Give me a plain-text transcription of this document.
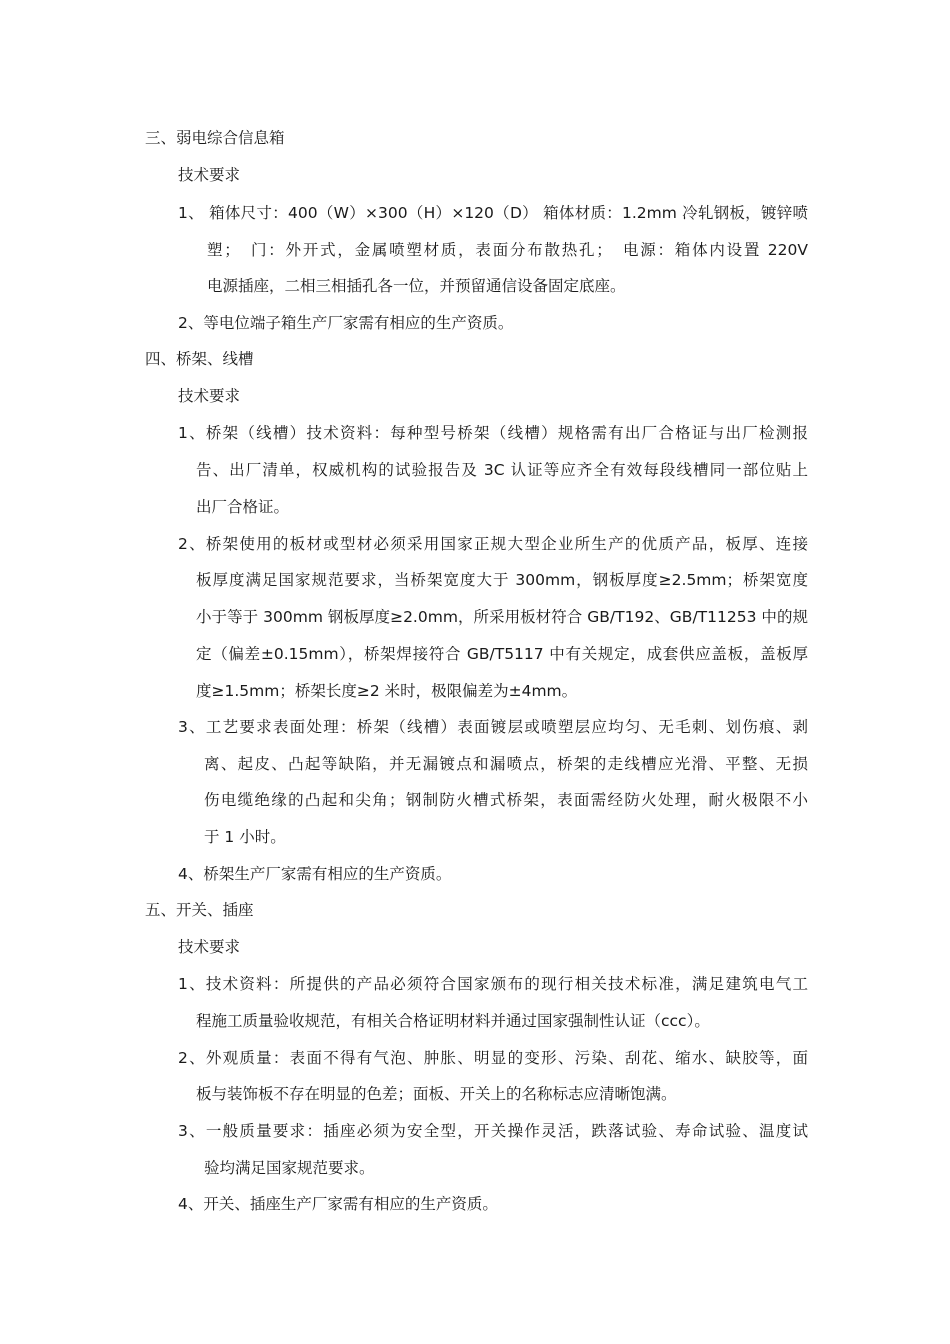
三、弱电综合信息箱
技术要求
1、 箱体尺寸：400（W）×300（H）×120（D） 箱体材质：1.2mm 冷轧钢板，镀锌喷
塑；　门：外开式，金属喷塑材质，表面分布散热孔；　电源：箱体内设置 220V
电源插座，二相三相插孔各一位，并预留通信设备固定底座。
2、等电位端子箱生产厂家需有相应的生产资质。
四、桥架、线槽
技术要求
1、桥架（线槽）技术资料：每种型号桥架（线槽）规格需有出厂合格证与出厂检测报
告、出厂清单，权威机构的试验报告及 3C 认证等应齐全有效每段线槽同一部位贴上
出厂合格证。
2、桥架使用的板材或型材必须采用国家正规大型企业所生产的优质产品，板厚、连接
板厚度满足国家规范要求，当桥架宽度大于 300mm，钢板厚度≥2.5mm；桥架宽度
小于等于 300mm 钢板厚度≥2.0mm，所采用板材符合 GB/T192、GB/T11253 中的规
定（偏差±0.15mm），桥架焊接符合 GB/T5117 中有关规定，成套供应盖板，盖板厚
度≥1.5mm；桥架长度≥2 米时，极限偏差为±4mm。
3、工艺要求表面处理：桥架（线槽）表面镀层或喷塑层应均匀、无毛刺、划伤痕、剥
离、起皮、凸起等缺陷，并无漏镀点和漏喷点，桥架的走线槽应光滑、平整、无损
伤电缆绝缘的凸起和尖角；钢制防火槽式桥架，表面需经防火处理，耐火极限不小
于 1 小时。
4、桥架生产厂家需有相应的生产资质。
五、开关、插座
技术要求
1、技术资料：所提供的产品必须符合国家颁布的现行相关技术标准，满足建筑电气工
程施工质量验收规范，有相关合格证明材料并通过国家强制性认证（ccc）。
2、外观质量：表面不得有气泡、肿胀、明显的变形、污染、刮花、缩水、缺胶等，面
板与装饰板不存在明显的色差；面板、开关上的名称标志应清晰饱满。
3、一般质量要求：插座必须为安全型，开关操作灵活，跌落试验、寿命试验、温度试
验均满足国家规范要求。
4、开关、插座生产厂家需有相应的生产资质。
